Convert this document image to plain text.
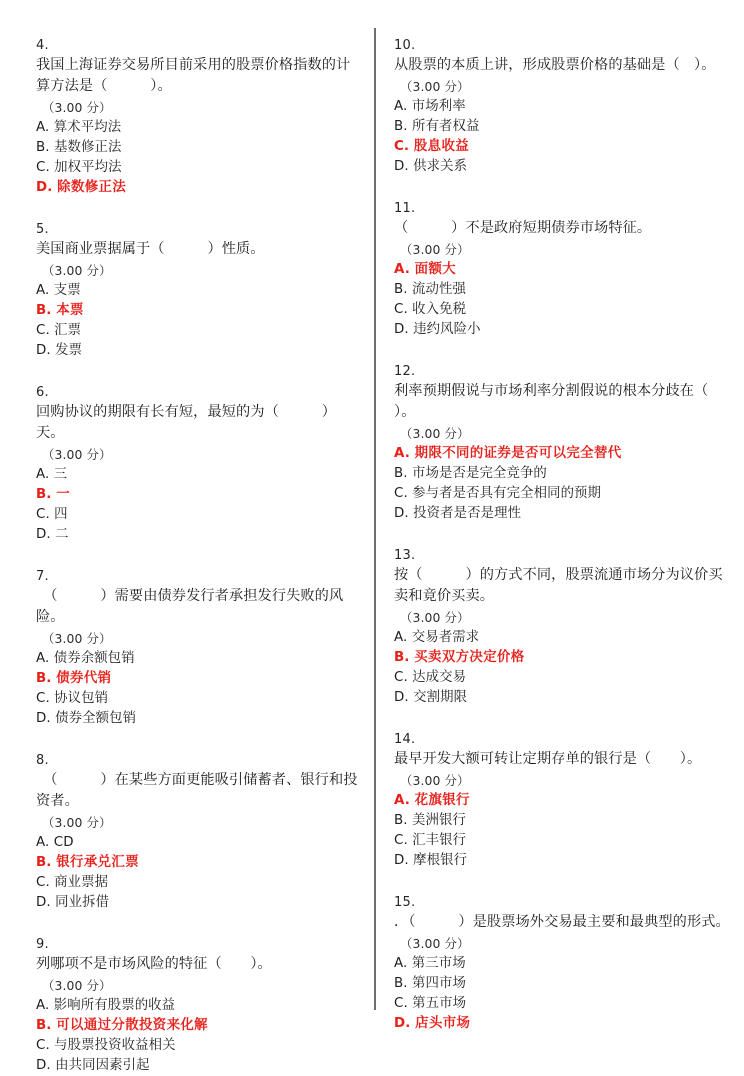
4.
我国上海证券交易所目前采用的股票价格指数的计算方法是（　　　）。
（3.00 分）
A. 算术平均法
B. 基数修正法
C. 加权平均法
D. 除数修正法
5.
美国商业票据属于（　　　）性质。
（3.00 分）
A. 支票
B. 本票
C. 汇票
D. 发票
6.
回购协议的期限有长有短，最短的为（　　　）天。
（3.00 分）
A. 三
B. 一
C. 四
D. 二
7.
　（　　　）需要由债券发行者承担发行失败的风险。
（3.00 分）
A. 债券余额包销
B. 债券代销
C. 协议包销
D. 债券全额包销
8.
　（　　　）在某些方面更能吸引储蓄者、银行和投资者。
（3.00 分）
A. CD
B. 银行承兑汇票
C. 商业票据
D. 同业拆借
9.
列哪项不是市场风险的特征（　　）。
（3.00 分）
A. 影响所有股票的收益
B. 可以通过分散投资来化解
C. 与股票投资收益相关
D. 由共同因素引起
10.
从股票的本质上讲，形成股票价格的基础是（　）。
（3.00 分）
A. 市场利率
B. 所有者权益
C. 股息收益
D. 供求关系
11.
（　　　）不是政府短期债券市场特征。
（3.00 分）
A. 面额大
B. 流动性强
C. 收入免税
D. 违约风险小
12.
利率预期假说与市场利率分割假说的根本分歧在（　　）。
（3.00 分）
A. 期限不同的证券是否可以完全替代
B. 市场是否是完全竞争的
C. 参与者是否具有完全相同的预期
D. 投资者是否是理性
13.
按（　　　）的方式不同，股票流通市场分为议价买卖和竟价买卖。
（3.00 分）
A. 交易者需求
B. 买卖双方决定价格
C. 达成交易
D. 交割期限
14.
最早开发大额可转让定期存单的银行是（　　）。
（3.00 分）
A. 花旗银行
B. 美洲银行
C. 汇丰银行
D. 摩根银行
15.
．（　　　）是股票场外交易最主要和最典型的形式。
（3.00 分）
A. 第三市场
B. 第四市场
C. 第五市场
D. 店头市场
